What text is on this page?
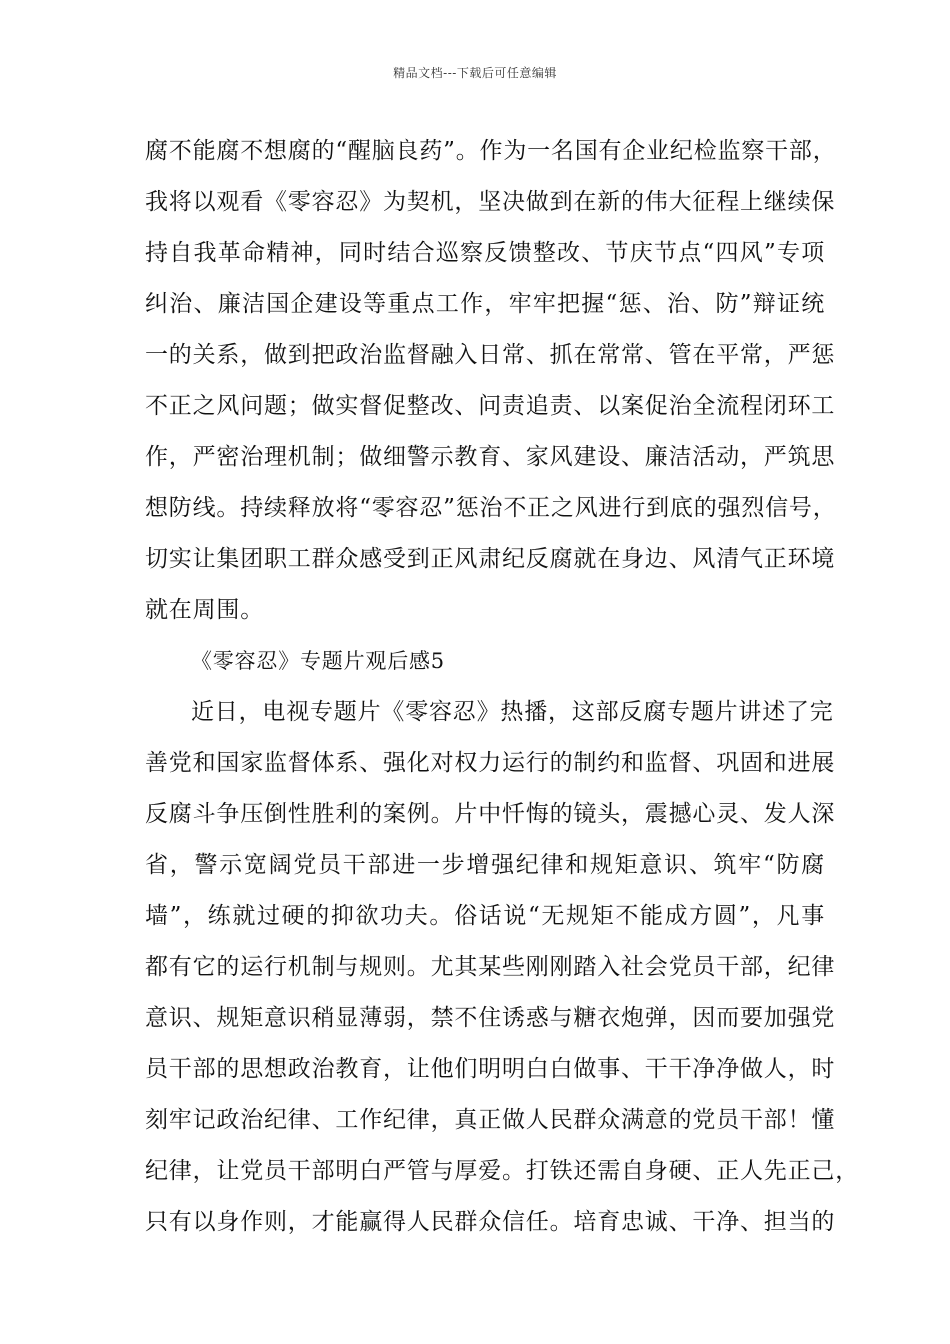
精品文档---下载后可任意编辑
腐不能腐不想腐的“醒脑良药”。作为一名国有企业纪检监察干部，
我将以观看《零容忍》为契机，坚决做到在新的伟大征程上继续保
持自我革命精神，同时结合巡察反馈整改、节庆节点“四风”专项
纠治、廉洁国企建设等重点工作，牢牢把握“惩、治、防”辩证统
一的关系，做到把政治监督融入日常、抓在常常、管在平常，严惩
不正之风问题；做实督促整改、问责追责、以案促治全流程闭环工
作，严密治理机制；做细警示教育、家风建设、廉洁活动，严筑思
想防线。持续释放将“零容忍”惩治不正之风进行到底的强烈信号，
切实让集团职工群众感受到正风肃纪反腐就在身边、风清气正环境
就在周围。
《零容忍》专题片观后感5
近日，电视专题片《零容忍》热播，这部反腐专题片讲述了完
善党和国家监督体系、强化对权力运行的制约和监督、巩固和进展
反腐斗争压倒性胜利的案例。片中忏悔的镜头，震撼心灵、发人深
省，警示宽阔党员干部进一步增强纪律和规矩意识、筑牢“防腐
墙”，练就过硬的抑欲功夫。俗话说“无规矩不能成方圆”，凡事
都有它的运行机制与规则。尤其某些刚刚踏入社会党员干部，纪律
意识、规矩意识稍显薄弱，禁不住诱惑与糖衣炮弹，因而要加强党
员干部的思想政治教育，让他们明明白白做事、干干净净做人，时
刻牢记政治纪律、工作纪律，真正做人民群众满意的党员干部！懂
纪律，让党员干部明白严管与厚爱。打铁还需自身硬、正人先正己，
只有以身作则，才能赢得人民群众信任。培育忠诚、干净、担当的
